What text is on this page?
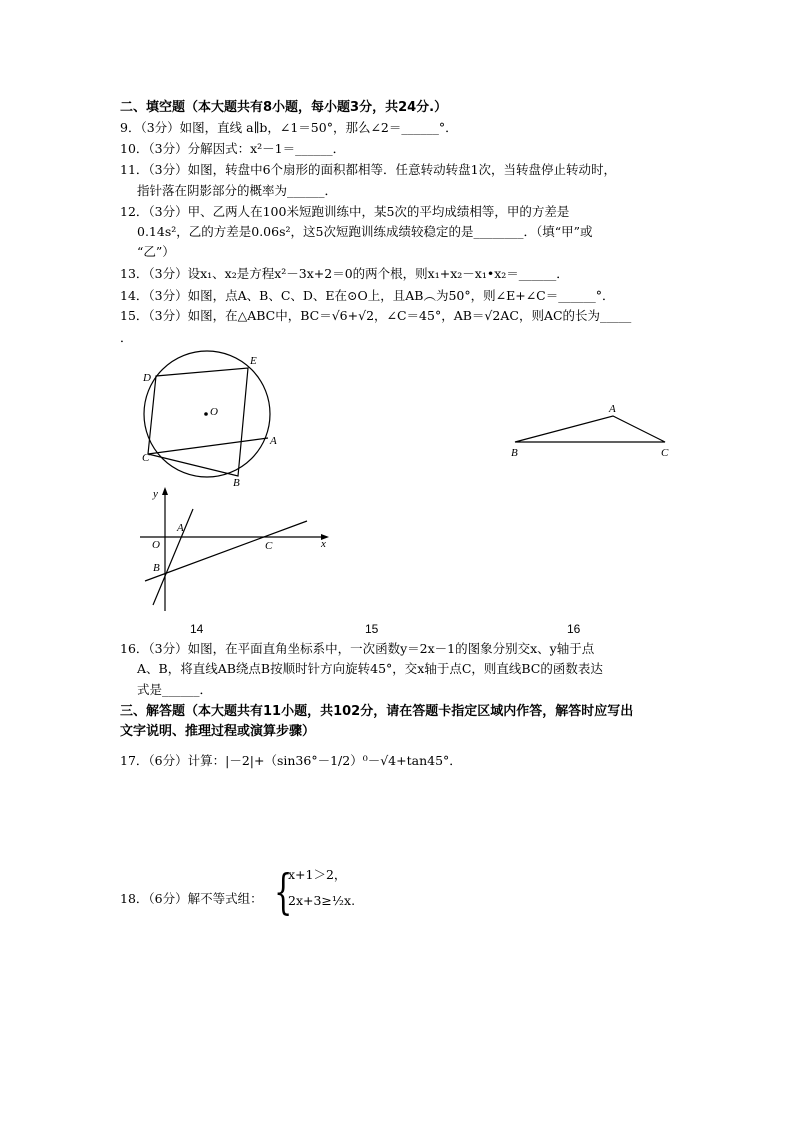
二、填空题（本大题共有8小题，每小题3分，共24分.）
9．（3分）如图，直线 a∥b，∠1＝50°，那么∠2＝______°．
10．（3分）分解因式：x²－1＝______．
11．（3分）如图，转盘中6个扇形的面积都相等．任意转动转盘1次，当转盘停止转动时，
指针落在阴影部分的概率为______．
12．（3分）甲、乙两人在100米短跑训练中，某5次的平均成绩相等，甲的方差是
0.14s²，乙的方差是0.06s²，这5次短跑训练成绩较稳定的是________．（填“甲”或
“乙”）
13．（3分）设x₁、x₂是方程x²－3x+2＝0的两个根，则x₁+x₂－x₁•x₂＝______．
14．（3分）如图，点A、B、C、D、E在⊙O上，且AB︵为50°，则∠E+∠C＝______°．
15．（3分）如图，在△ABC中，BC＝√6+√2，∠C＝45°，AB＝√2AC，则AC的长为_____
．
D
E
O
A
C
B
A
B	C
y
x
O
A
B
C
14	15	16
16．（3分）如图，在平面直角坐标系中，一次函数y＝2x－1的图象分别交x、y轴于点
A、B，将直线AB绕点B按顺时针方向旋转45°，交x轴于点C，则直线BC的函数表达
式是______．
三、解答题（本大题共有11小题，共102分，请在答题卡指定区域内作答，解答时应写出
文字说明、推理过程或演算步骤）
17．（6分）计算：|－2|+（sin36°－1/2）⁰－√4+tan45°．
18．（6分）解不等式组： {
x+1＞2，
2x+3≥½x.
